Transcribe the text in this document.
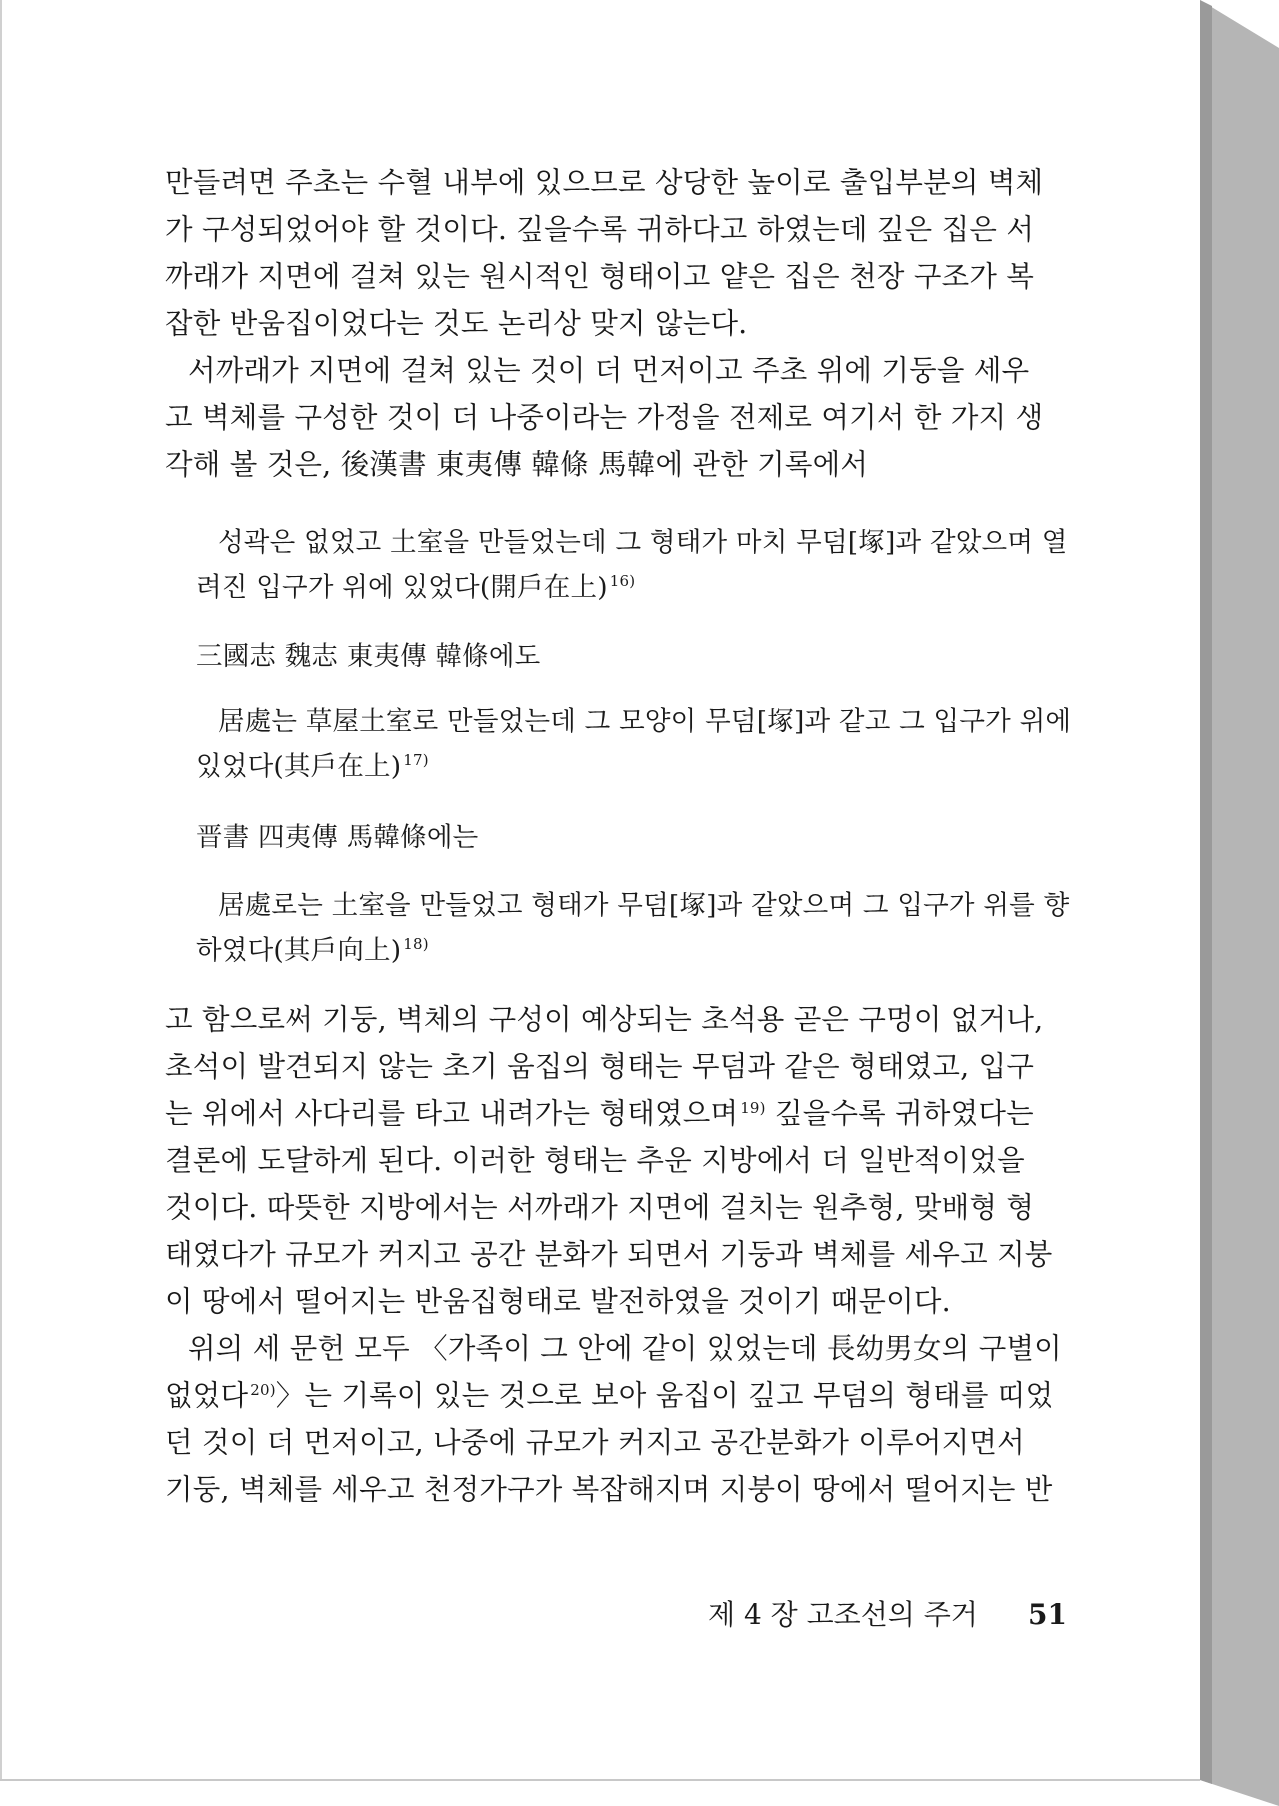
만들려면 주초는 수혈 내부에 있으므로 상당한 높이로 출입부분의 벽체

가 구성되었어야 할 것이다. 깊을수록 귀하다고 하였는데 깊은 집은 서

까래가 지면에 걸쳐 있는 원시적인 형태이고 얕은 집은 천장 구조가 복

잡한 반움집이었다는 것도 논리상 맞지 않는다.

서까래가 지면에 걸쳐 있는 것이 더 먼저이고 주초 위에 기둥을 세우

고 벽체를 구성한 것이 더 나중이라는 가정을 전제로 여기서 한 가지 생

각해 볼 것은, 後漢書 東夷傳 韓條 馬韓에 관한 기록에서

성곽은 없었고 土室을 만들었는데 그 형태가 마치 무덤[塚]과 같았으며 열

려진 입구가 위에 있었다(開戶在上) $^{16)}$

三國志 魏志 東夷傳 韓條에도

居處는 草屋土室로 만들었는데 그 모양이 무덤[塚]과 같고 그 입구가 위에

있었다(其戶在上) $^{17)}$

晋書 四夷傳 馬韓條에는

居處로는 土室을 만들었고 형태가 무덤[塚]과 같았으며 그 입구가 위를 향

하였다(其戶向上) $^{18)}$

고 함으로써 기둥, 벽체의 구성이 예상되는 초석용 곧은 구멍이 없거나,

초석이 발견되지 않는 초기 움집의 형태는 무덤과 같은 형태였고, 입구

는 위에서 사다리를 타고 내려가는 형태였으며 $^{19)}$ 깊을수록 귀하였다는

결론에 도달하게 된다. 이러한 형태는 추운 지방에서 더 일반적이었을

것이다. 따뜻한 지방에서는 서까래가 지면에 걸치는 원추형, 맞배형 형

태였다가 규모가 커지고 공간 분화가 되면서 기둥과 벽체를 세우고 지붕

이 땅에서 떨어지는 반움집형태로 발전하였을 것이기 때문이다.

위의 세 문헌 모두 〈가족이 그 안에 같이 있었는데 長幼男女의 구별이

없었다 $^{20)}$〉는 기록이 있는 것으로 보아 움집이 깊고 무덤의 형태를 띠었

던 것이 더 먼저이고, 나중에 규모가 커지고 공간분화가 이루어지면서

기둥, 벽체를 세우고 천정가구가 복잡해지며 지붕이 땅에서 떨어지는 반

제 4 장 고조선의 주거 51
